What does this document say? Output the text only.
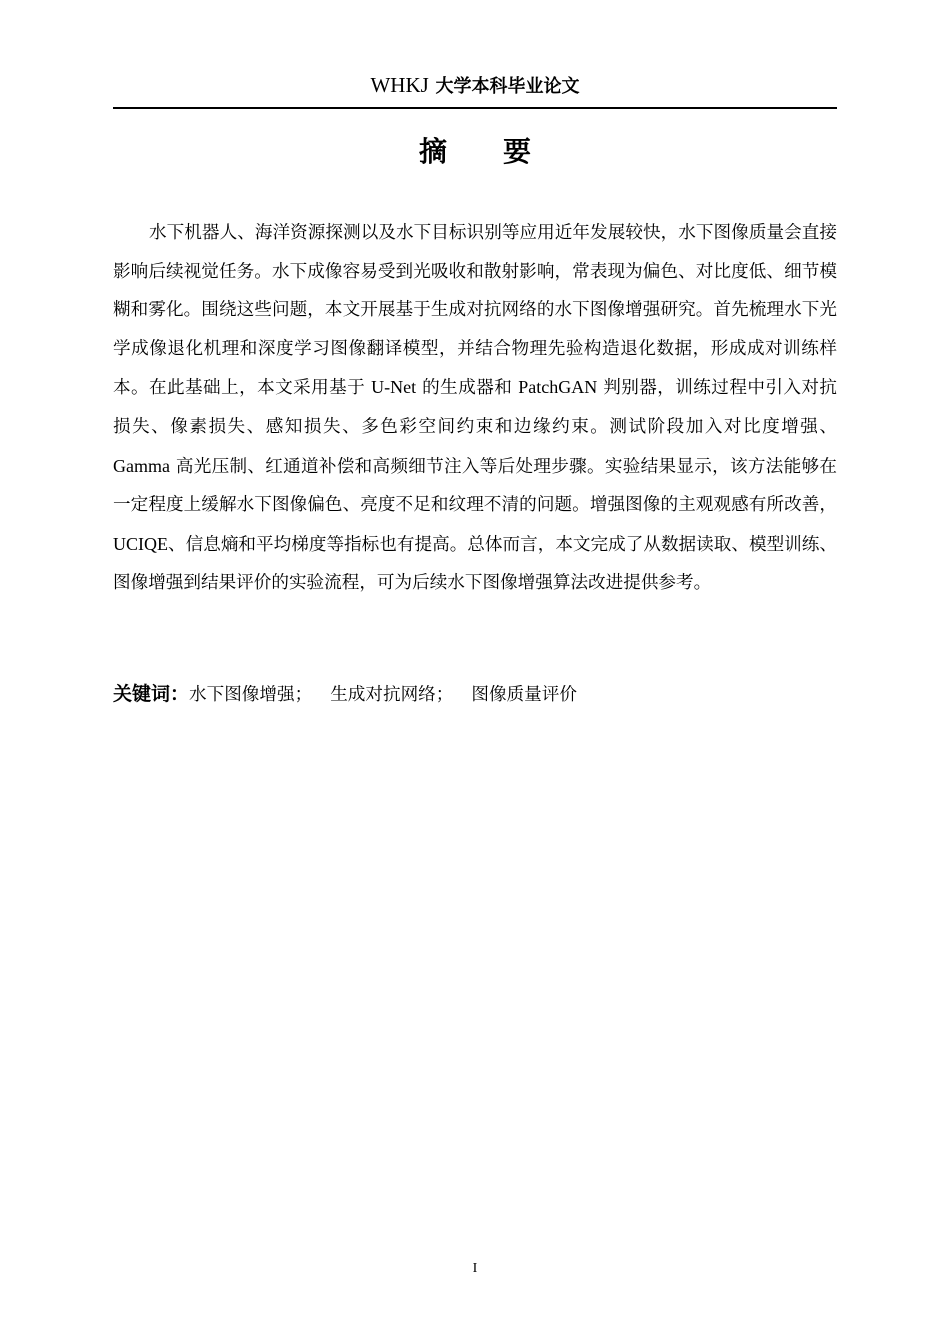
WHKJ 大学本科毕业论文
摘要

水下机器人、海洋资源探测以及水下目标识别等应用近年发展较快，水下图像质量会直接影响后续视觉任务。水下成像容易受到光吸收和散射影响，常表现为偏色、对比度低、细节模糊和雾化。围绕这些问题，本文开展基于生成对抗网络的水下图像增强研究。首先梳理水下光学成像退化机理和深度学习图像翻译模型，并结合物理先验构造退化数据，形成成对训练样本。在此基础上，本文采用基于 U-Net 的生成器和 PatchGAN 判别器，训练过程中引入对抗损失、像素损失、感知损失、多色彩空间约束和边缘约束。测试阶段加入对比度增强、Gamma 高光压制、红通道补偿和高频细节注入等后处理步骤。实验结果显示，该方法能够在一定程度上缓解水下图像偏色、亮度不足和纹理不清的问题。增强图像的主观观感有所改善，UCIQE、信息熵和平均梯度等指标也有提高。总体而言，本文完成了从数据读取、模型训练、图像增强到结果评价的实验流程，可为后续水下图像增强算法改进提供参考。

关键词：水下图像增强； 生成对抗网络； 图像质量评价
I
